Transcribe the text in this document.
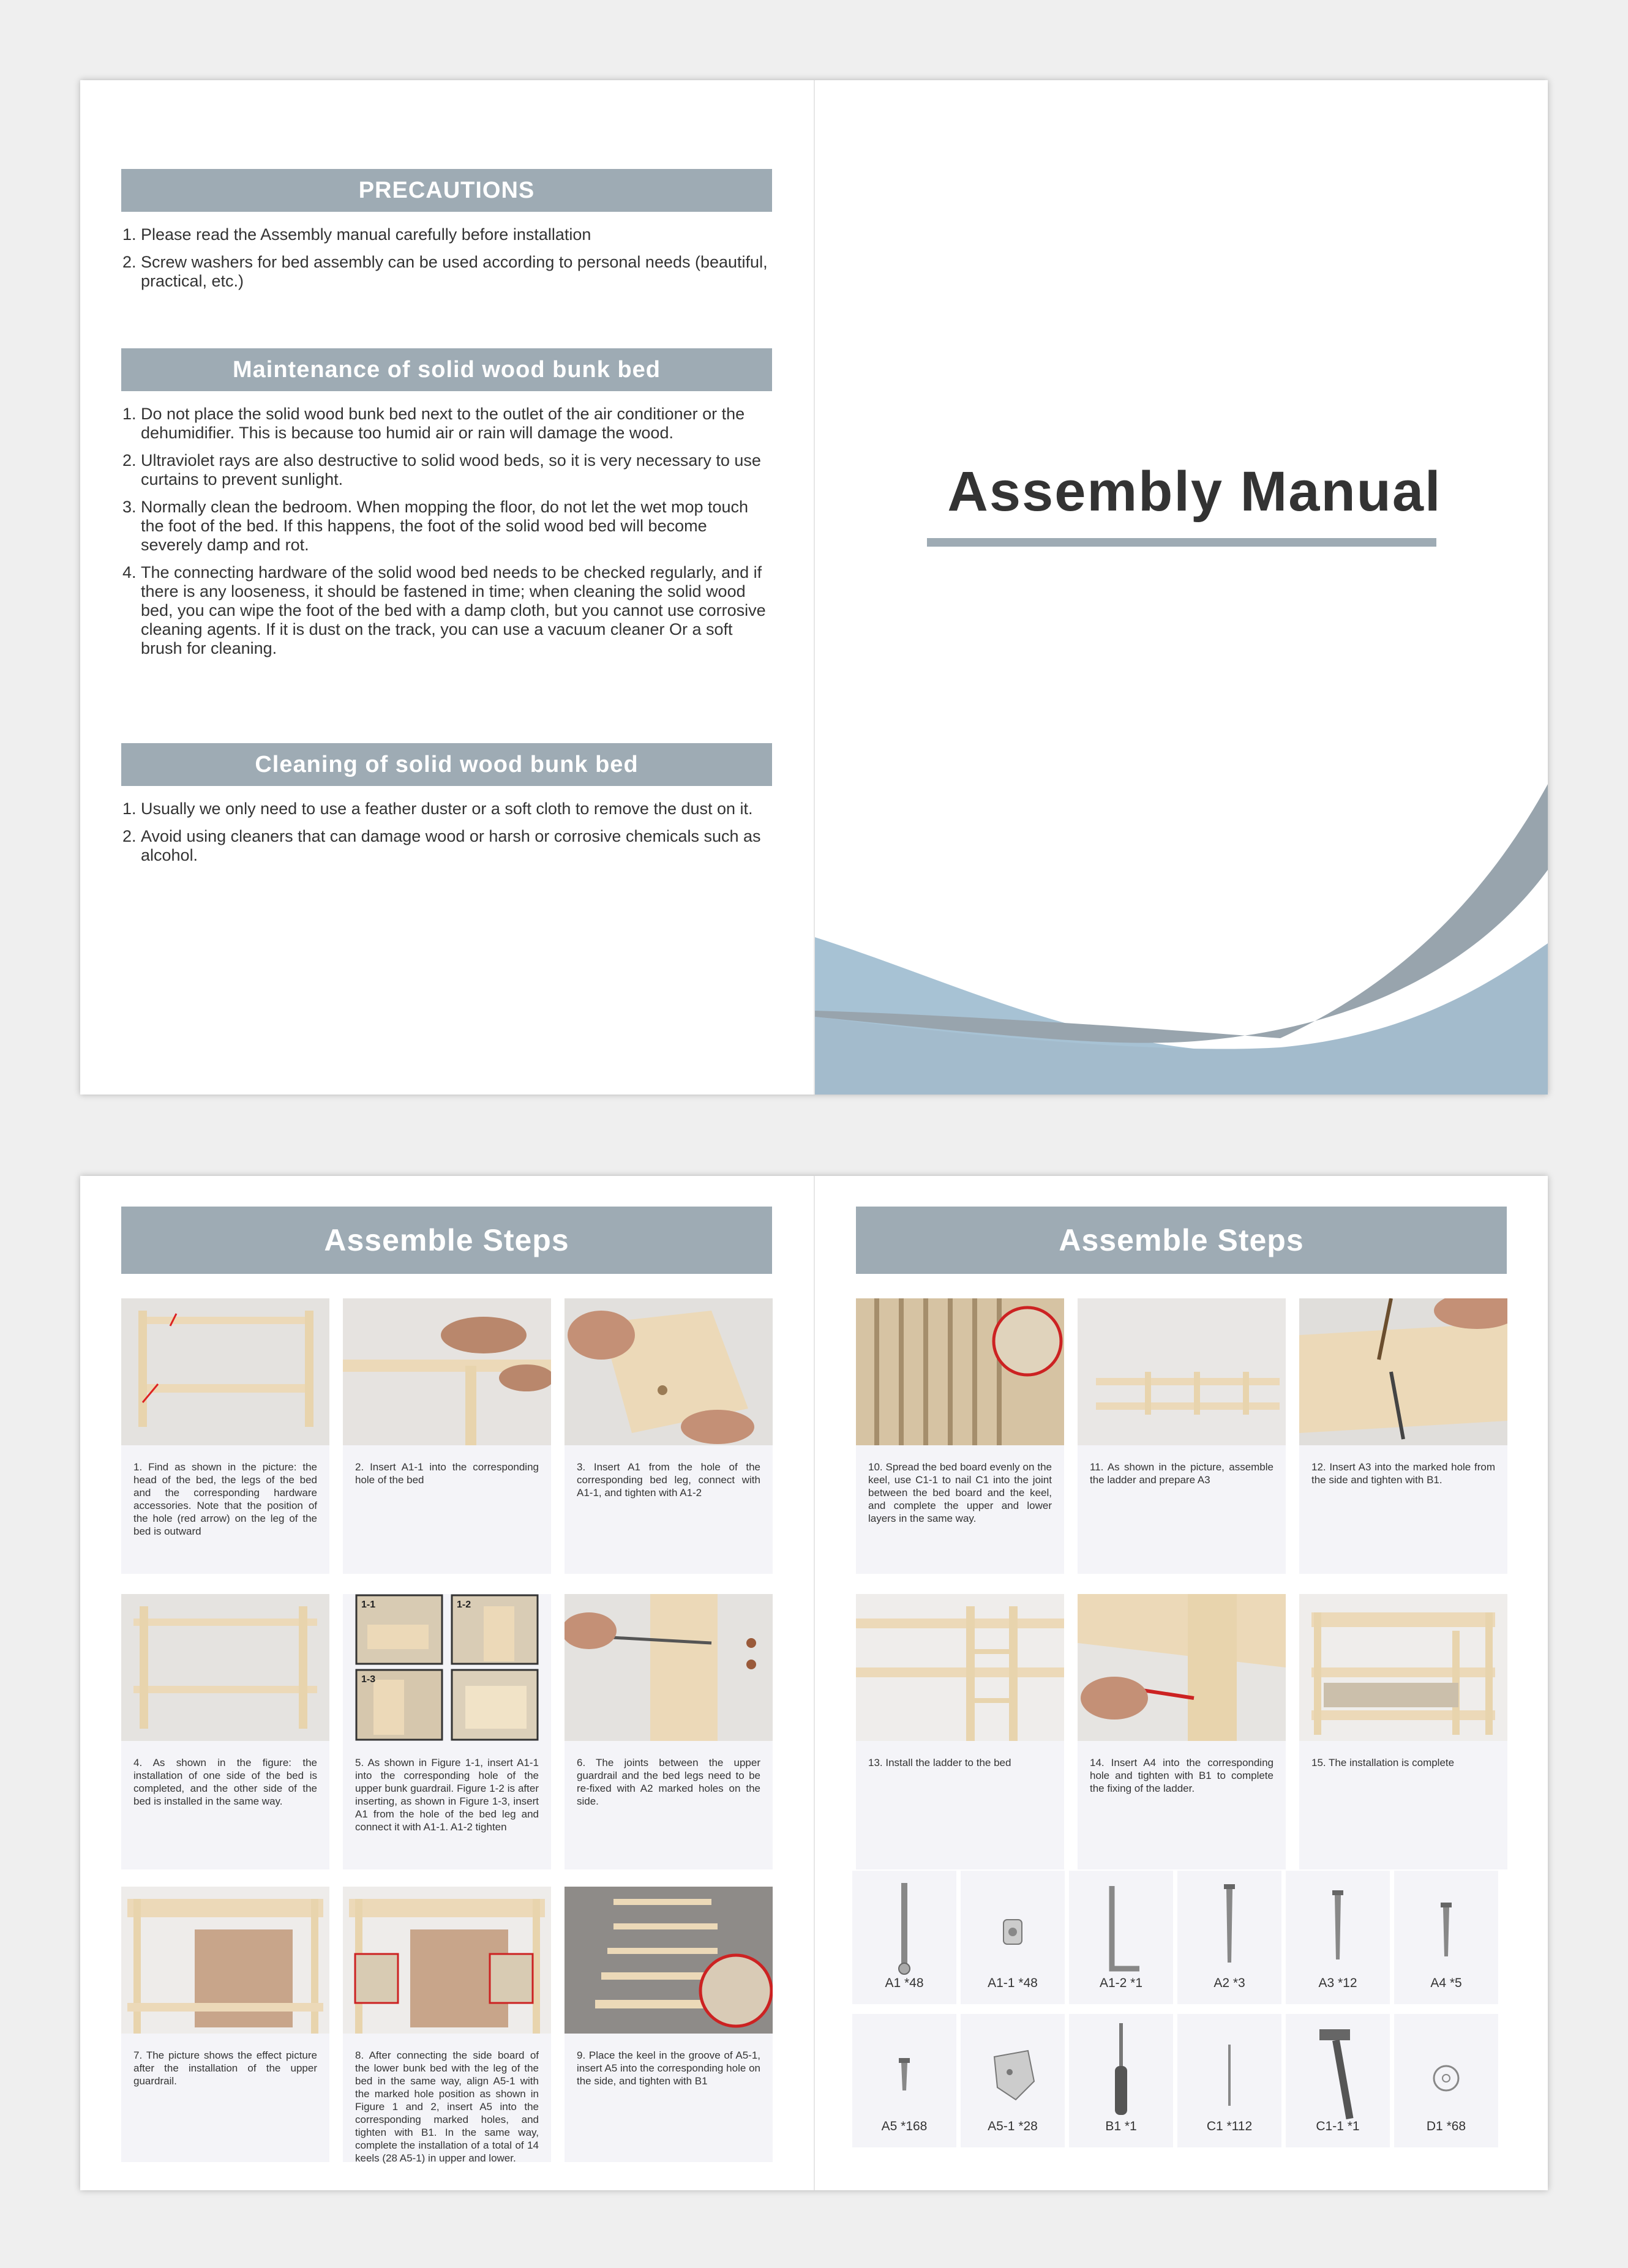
PRECAUTIONS
1. Please read the Assembly manual carefully before installation
2. Screw washers for bed assembly can be used according to personal needs (beautiful, practical, etc.)
Maintenance of solid wood bunk bed
1. Do not place the solid wood bunk bed next to the outlet of the air conditioner or the dehumidifier. This is because too humid air or rain will damage the wood.
2. Ultraviolet rays are also destructive to solid wood beds, so it is very necessary to use curtains to prevent sunlight.
3. Normally clean the bedroom. When mopping the floor, do not let the wet mop touch the foot of the bed. If this happens, the foot of the solid wood bed will become severely damp and rot.
4. The connecting hardware of the solid wood bed needs to be checked regularly, and if there is any looseness, it should be fastened in time; when cleaning the solid wood bed, you can wipe the foot of the bed with a damp cloth, but you cannot use corrosive cleaning agents. If it is dust on the track, you can use a vacuum cleaner Or a soft brush for cleaning.
Cleaning of solid wood bunk bed
1. Usually we only need to use a feather duster or a soft cloth to remove the dust on it.
2. Avoid using cleaners that can damage wood or harsh or corrosive chemicals such as alcohol.
Assembly Manual
Assemble Steps	Assemble Steps
1. Find as shown in the picture: the head of the bed, the legs of the bed and the corresponding hardware accessories. Note that the position of the hole (red arrow) on the leg of the bed is outward
2. Insert A1-1 into the corresponding hole of the bed
3. Insert A1 from the hole of the corresponding bed leg, connect with A1-1, and tighten with A1-2
4. As shown in the figure: the installation of one side of the bed is completed, and the other side of the bed is installed in the same way.
1-1	1-2
1-3
5. As shown in Figure 1-1, insert A1-1 into the corresponding hole of the upper bunk guardrail. Figure 1-2 is after inserting, as shown in Figure 1-3, insert A1 from the hole of the bed leg and connect it with A1-1. A1-2 tighten
6. The joints between the upper guardrail and the bed legs need to be re-fixed with A2 marked holes on the side.
7. The picture shows the effect picture after the installation of the upper guardrail.
8. After connecting the side board of the lower bunk bed with the leg of the bed in the same way, align A5-1 with the marked hole position as shown in Figure 1 and 2, insert A5 into the corresponding marked holes, and tighten with B1. In the same way, complete the installation of a total of 14 keels (28 A5-1) in upper and lower.
9. Place the keel in the groove of A5-1, insert A5 into the corresponding hole on the side, and tighten with B1
10. Spread the bed board evenly on the keel, use C1-1 to nail C1 into the joint between the bed board and the keel, and complete the upper and lower layers in the same way.
11. As shown in the picture, assemble the ladder and prepare A3
12. Insert A3 into the marked hole from the side and tighten with B1.
13. Install the ladder to the bed	14. Insert A4 into the corresponding hole and tighten with B1 to complete the fixing of the ladder.
15. The installation is complete
A1 *48	A1-1 *48	A1-2 *1	A2 *3	A3 *12	A4 *5
A5 *168	A5-1 *28	B1 *1	C1 *112	C1-1 *1	D1 *68
